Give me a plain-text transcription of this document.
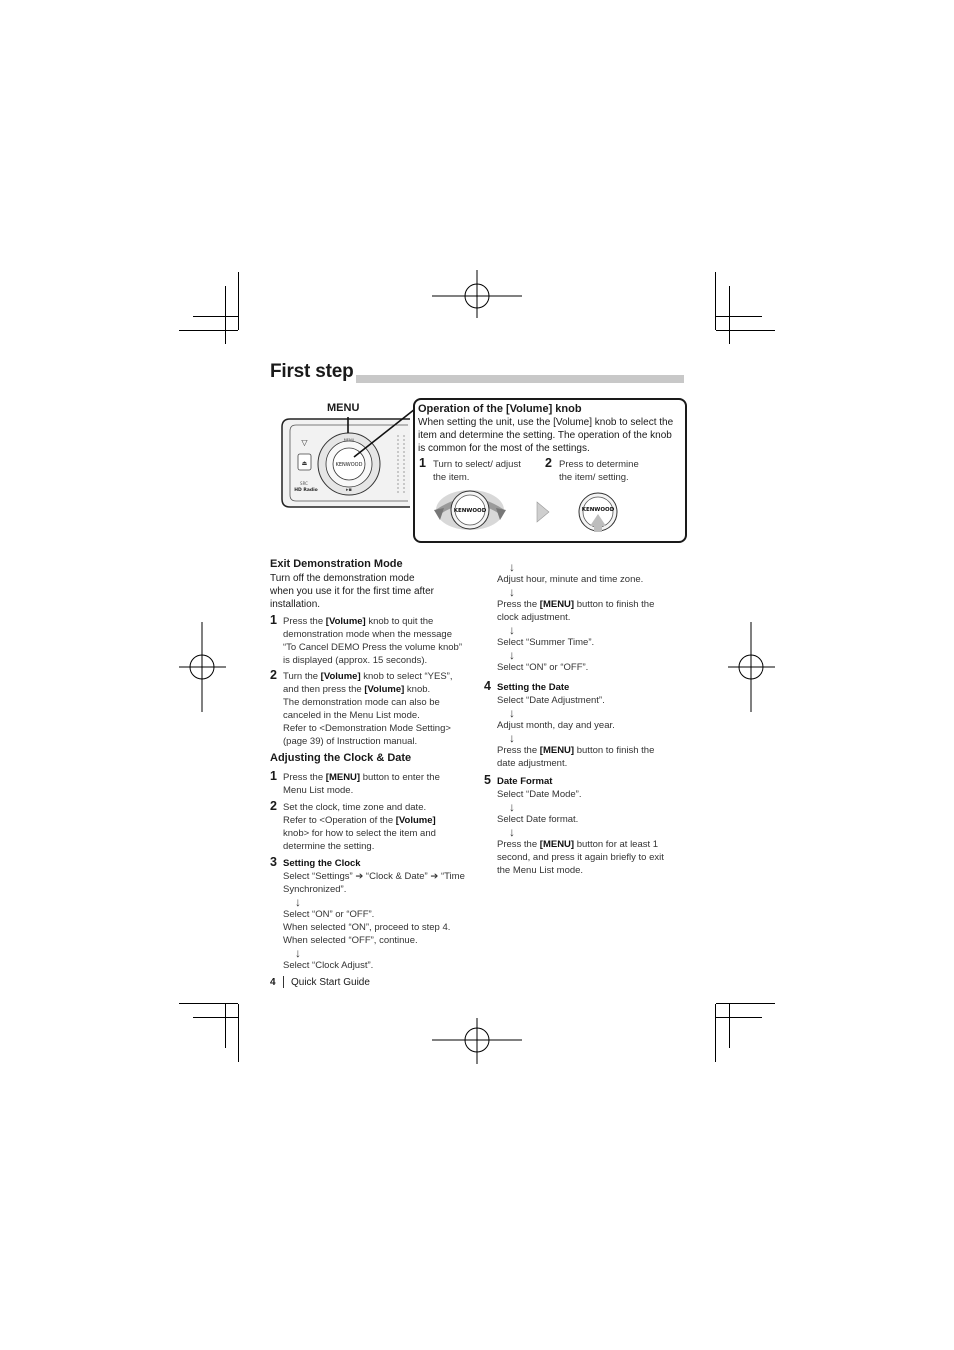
First step
MENU
▽
⏏
SRC
HD Radio
KENWOOD
MENU
▸▪
Operation of the [Volume] knob
When setting the unit, use the [Volume] knob to select the item and determine the setting. The operation of the knob is common for the most of the settings.
1 Turn to select/ adjust
the item.
2 Press to determine
the item/ setting.
KENWOOD	KENWOOD
Exit Demonstration Mode
Turn off the demonstration mode
when you use it for the first time after
installation.
1 Press the [Volume] knob to quit the
demonstration mode when the message
“To Cancel DEMO Press the volume knob”
is displayed (approx. 15 seconds).
2 Turn the [Volume] knob to select “YES”,
and then press the [Volume] knob.
The demonstration mode can also be
canceled in the Menu List mode.
Refer to <Demonstration Mode Setting>
(page 39) of Instruction manual.
Adjusting the Clock & Date
1 Press the [MENU] button to enter the
Menu List mode.
2 Set the clock, time zone and date.
Refer to <Operation of the [Volume]
knob> for how to select the item and
determine the setting.
3 Setting the Clock
Select “Settings” ➔ “Clock & Date” ➔ “Time
Synchronized”.
↓
Select “ON” or “OFF”.
When selected “ON”, proceed to step 4.
When selected “OFF”, continue.
↓
Select “Clock Adjust”.
4 Quick Start Guide
↓
Adjust hour, minute and time zone.
↓
Press the [MENU] button to finish the
clock adjustment.
↓
Select “Summer Time”.
↓
Select “ON” or “OFF”.
4 Setting the Date
Select “Date Adjustment”.
↓
Adjust month, day and year.
↓
Press the [MENU] button to finish the
date adjustment.
5 Date Format
Select “Date Mode”.
↓
Select Date format.
↓
Press the [MENU] button for at least 1
second, and press it again briefly to exit
the Menu List mode.
